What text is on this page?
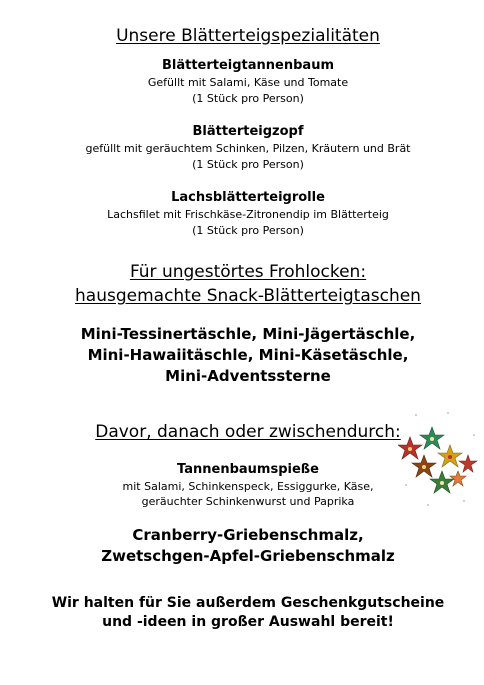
Unsere Blätterteigspezialitäten
Blätterteigtannenbaum
Gefüllt mit Salami, Käse und Tomate
(1 Stück pro Person)
Blätterteigzopf
gefüllt mit geräuchtem Schinken, Pilzen, Kräutern und Brät
(1 Stück pro Person)
Lachsblätterteigrolle
Lachsfilet mit Frischkäse-Zitronendip im Blätterteig
(1 Stück pro Person)
Für ungestörtes Frohlocken:
hausgemachte Snack-Blätterteigtaschen
Mini-Tessinertäschle, Mini-Jägertäschle,
Mini-Hawaiitäschle, Mini-Käsetäschle,
Mini-Adventssterne
Davor, danach oder zwischendurch:
Tannenbaumspieße
mit Salami, Schinkenspeck, Essiggurke, Käse,
geräuchter Schinkenwurst und Paprika
Cranberry-Griebenschmalz,
Zwetschgen-Apfel-Griebenschmalz
Wir halten für Sie außerdem Geschenkgutscheine
und -ideen in großer Auswahl bereit!
